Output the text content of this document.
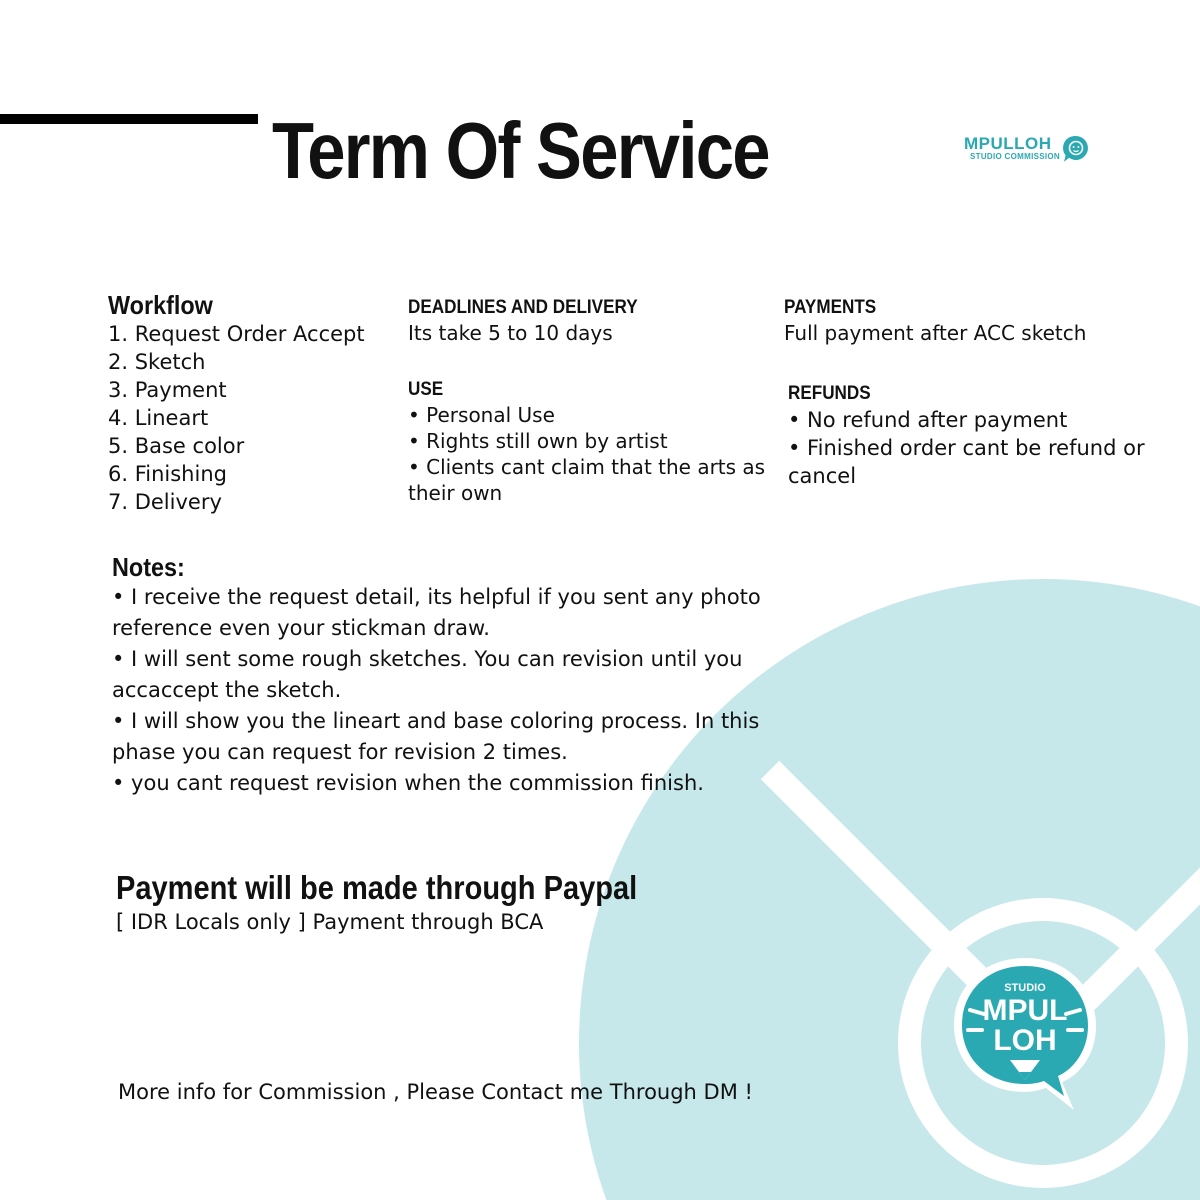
Term Of Service	MPULLOH
STUDIO COMMISSION
Workflow
1. Request Order Accept
2. Sketch
3. Payment
4. Lineart
5. Base color
6. Finishing
7. Delivery
DEADLINES AND DELIVERY
Its take 5 to 10 days
USE
• Personal Use
• Rights still own by artist
• Clients cant claim that the arts as their own
PAYMENTS
Full payment after ACC sketch
REFUNDS
• No refund after payment
• Finished order cant be refund or cancel
Notes:
• I receive the request detail, its helpful if you sent any photo reference even your stickman draw.
• I will sent some rough sketches. You can revision until you accaccept the sketch.
• I will show you the lineart and base coloring process. In this phase you can request for revision 2 times.
• you cant request revision when the commission finish.
Payment will be made through Paypal
[ IDR Locals only ] Payment through BCA
More info for Commission , Please Contact me Through DM !
STUDIO
MPUL
LOH
